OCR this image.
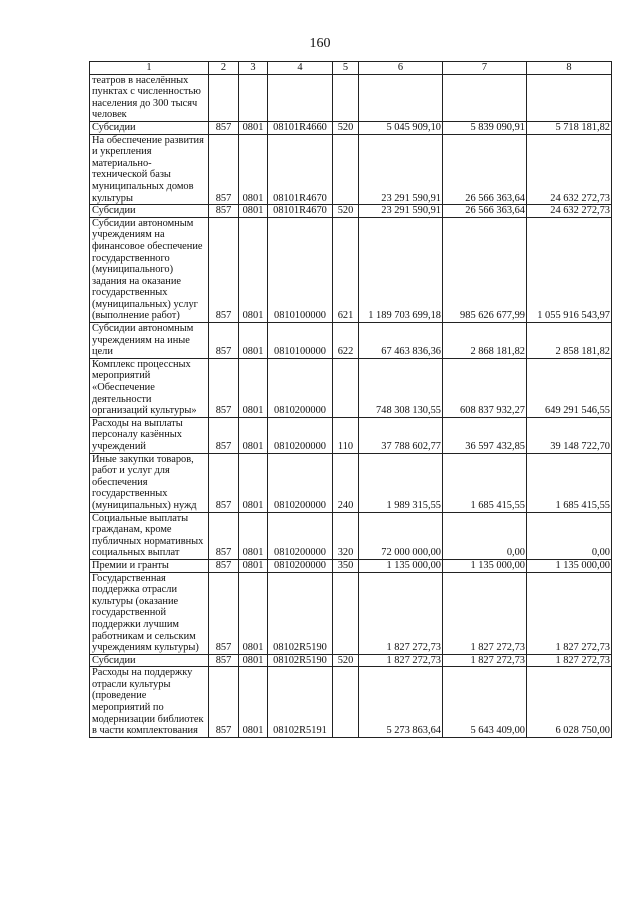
160
1	2	3	4	5	6	7	8
театров в населённых пунктах с численностью населения до 300 тысяч человек							
Субсидии	857	0801	08101R4660	520	5 045 909,10	5 839 090,91	5 718 181,82
На обеспечение развития и укрепления материально-технической базы муниципальных домов культуры	857	0801	08101R4670		23 291 590,91	26 566 363,64	24 632 272,73
Субсидии	857	0801	08101R4670	520	23 291 590,91	26 566 363,64	24 632 272,73
Субсидии автономным учреждениям на финансовое обеспечение государственного (муниципального) задания на оказание государственных (муниципальных) услуг (выполнение работ)	857	0801	0810100000	621	1 189 703 699,18	985 626 677,99	1 055 916 543,97
Субсидии автономным учреждениям на иные цели	857	0801	0810100000	622	67 463 836,36	2 868 181,82	2 858 181,82
Комплекс процессных мероприятий «Обеспечение деятельности организаций культуры»	857	0801	0810200000		748 308 130,55	608 837 932,27	649 291 546,55
Расходы на выплаты персоналу казённых учреждений	857	0801	0810200000	110	37 788 602,77	36 597 432,85	39 148 722,70
Иные закупки товаров, работ и услуг для обеспечения государственных (муниципальных) нужд	857	0801	0810200000	240	1 989 315,55	1 685 415,55	1 685 415,55
Социальные выплаты гражданам, кроме публичных нормативных социальных выплат	857	0801	0810200000	320	72 000 000,00	0,00	0,00
Премии и гранты	857	0801	0810200000	350	1 135 000,00	1 135 000,00	1 135 000,00
Государственная поддержка отрасли культуры (оказание государственной поддержки лучшим работникам и сельским учреждениям культуры)	857	0801	08102R5190		1 827 272,73	1 827 272,73	1 827 272,73
Субсидии	857	0801	08102R5190	520	1 827 272,73	1 827 272,73	1 827 272,73
Расходы на поддержку отрасли культуры (проведение мероприятий по модернизации библиотек в части комплектования	857	0801	08102R5191		5 273 863,64	5 643 409,00	6 028 750,00
